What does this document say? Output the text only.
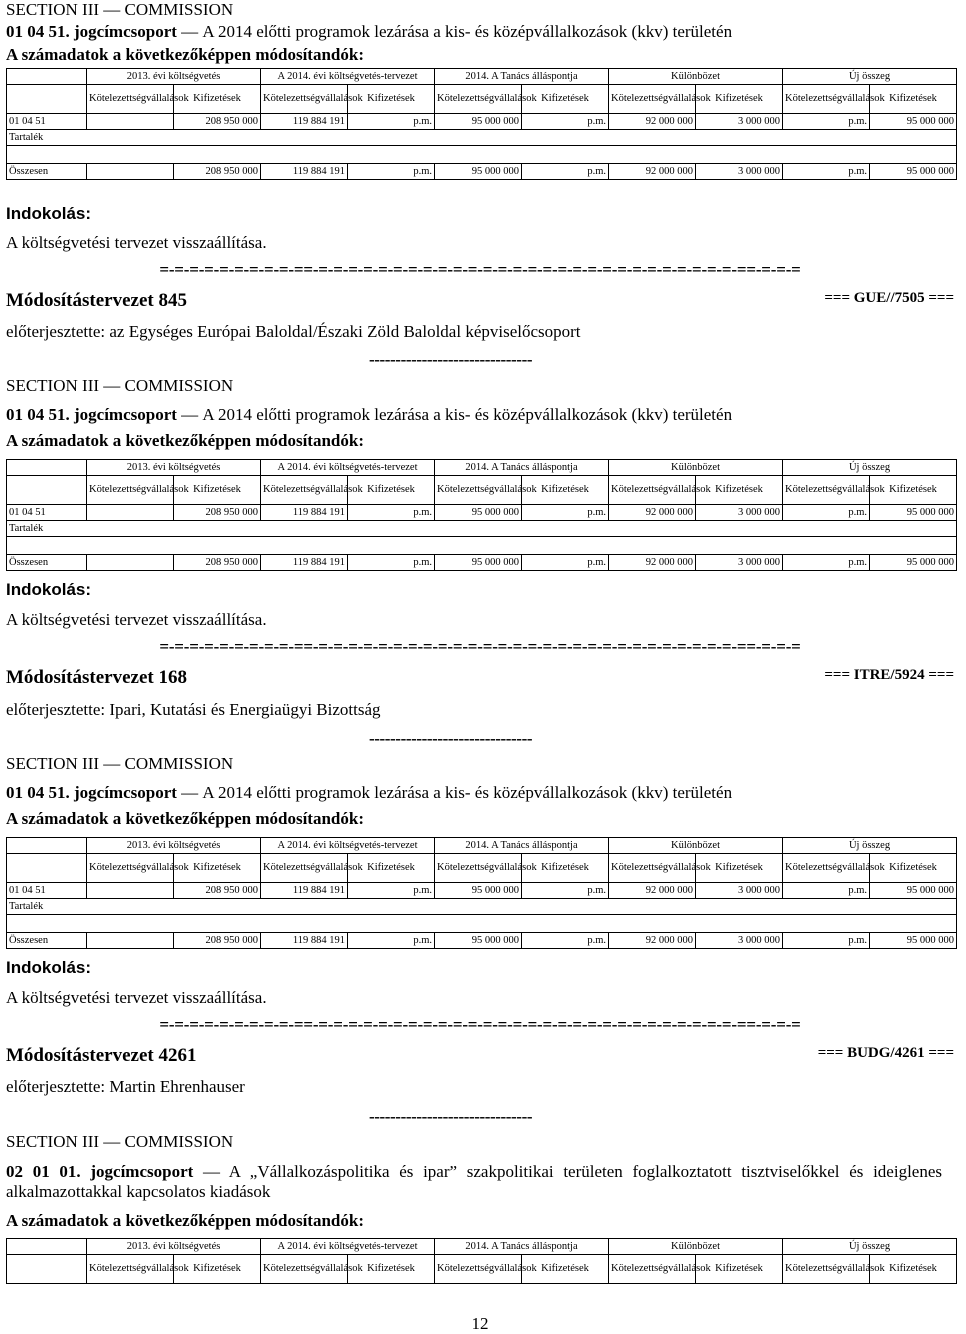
SECTION III — COMMISSION
01 04 51. jogcímcsoport — A 2014 előtti programok lezárása a kis- és középvállalkozások (kkv) területén
A számadatok a következőképpen módosítandók:
	2013. évi költségvetés		A 2014. évi költségvetés-tervezet		2014. A Tanács álláspontja		Különbözet		Új összeg	
	Kötelezettségvállalások	Kifizetések	Kötelezettségvállalások	Kifizetések	Kötelezettségvállalások	Kifizetések	Kötelezettségvállalások	Kifizetések	Kötelezettségvállalások	Kifizetések
01 04 51		208 950 000	119 884 191	p.m.	95 000 000	p.m.	92 000 000	3 000 000	p.m.	95 000 000
Tartalék										

Összesen		208 950 000	119 884 191	p.m.	95 000 000	p.m.	92 000 000	3 000 000	p.m.	95 000 000
Indokolás:
A költségvetési tervezet visszaállítása.
=-=-=-=-=-=-=-=-=-==-=-=-=-=-=-=-=-=-=-=-=-=-=-=-=-=-=-=-=-=-=-=-=-=-=-=-=-=-==-=-=-=
Módosítástervezet 845	=== GUE//7505 ===
előterjesztette: az Egységes Európai Baloldal/Északi Zöld Baloldal képviselőcsoport
-------------------------------
SECTION III — COMMISSION
01 04 51. jogcímcsoport — A 2014 előtti programok lezárása a kis- és középvállalkozások (kkv) területén
A számadatok a következőképpen módosítandók:
	2013. évi költségvetés		A 2014. évi költségvetés-tervezet		2014. A Tanács álláspontja		Különbözet		Új összeg	
	Kötelezettségvállalások	Kifizetések	Kötelezettségvállalások	Kifizetések	Kötelezettségvállalások	Kifizetések	Kötelezettségvállalások	Kifizetések	Kötelezettségvállalások	Kifizetések
01 04 51		208 950 000	119 884 191	p.m.	95 000 000	p.m.	92 000 000	3 000 000	p.m.	95 000 000
Tartalék										

Összesen		208 950 000	119 884 191	p.m.	95 000 000	p.m.	92 000 000	3 000 000	p.m.	95 000 000
Indokolás:
A költségvetési tervezet visszaállítása.
=-=-=-=-=-=-=-=-=-==-=-=-=-=-=-=-=-=-=-=-=-=-=-=-=-=-=-=-=-=-=-=-=-=-=-=-=-=-==-=-=-=
Módosítástervezet 168	=== ITRE/5924 ===
előterjesztette: Ipari, Kutatási és Energiaügyi Bizottság
-------------------------------
SECTION III — COMMISSION
01 04 51. jogcímcsoport — A 2014 előtti programok lezárása a kis- és középvállalkozások (kkv) területén
A számadatok a következőképpen módosítandók:
	2013. évi költségvetés		A 2014. évi költségvetés-tervezet		2014. A Tanács álláspontja		Különbözet		Új összeg	
	Kötelezettségvállalások	Kifizetések	Kötelezettségvállalások	Kifizetések	Kötelezettségvállalások	Kifizetések	Kötelezettségvállalások	Kifizetések	Kötelezettségvállalások	Kifizetések
01 04 51		208 950 000	119 884 191	p.m.	95 000 000	p.m.	92 000 000	3 000 000	p.m.	95 000 000
Tartalék										

Összesen		208 950 000	119 884 191	p.m.	95 000 000	p.m.	92 000 000	3 000 000	p.m.	95 000 000
Indokolás:
A költségvetési tervezet visszaállítása.
=-=-=-=-=-=-=-=-=-==-=-=-=-=-=-=-=-=-=-=-=-=-=-=-=-=-=-=-=-=-=-=-=-=-=-=-=-=-==-=-=-=
Módosítástervezet 4261	=== BUDG/4261 ===
előterjesztette: Martin Ehrenhauser
-------------------------------
SECTION III — COMMISSION
02 01 01. jogcímcsoport — A „Vállalkozáspolitika és ipar” szakpolitikai területen foglalkoztatott tisztviselőkkel és ideiglenes alkalmazottakkal kapcsolatos kiadások
A számadatok a következőképpen módosítandók:
	2013. évi költségvetés		A 2014. évi költségvetés-tervezet		2014. A Tanács álláspontja		Különbözet		Új összeg	
	Kötelezettségvállalások	Kifizetések	Kötelezettségvállalások	Kifizetések	Kötelezettségvállalások	Kifizetések	Kötelezettségvállalások	Kifizetések	Kötelezettségvállalások	Kifizetések
12
